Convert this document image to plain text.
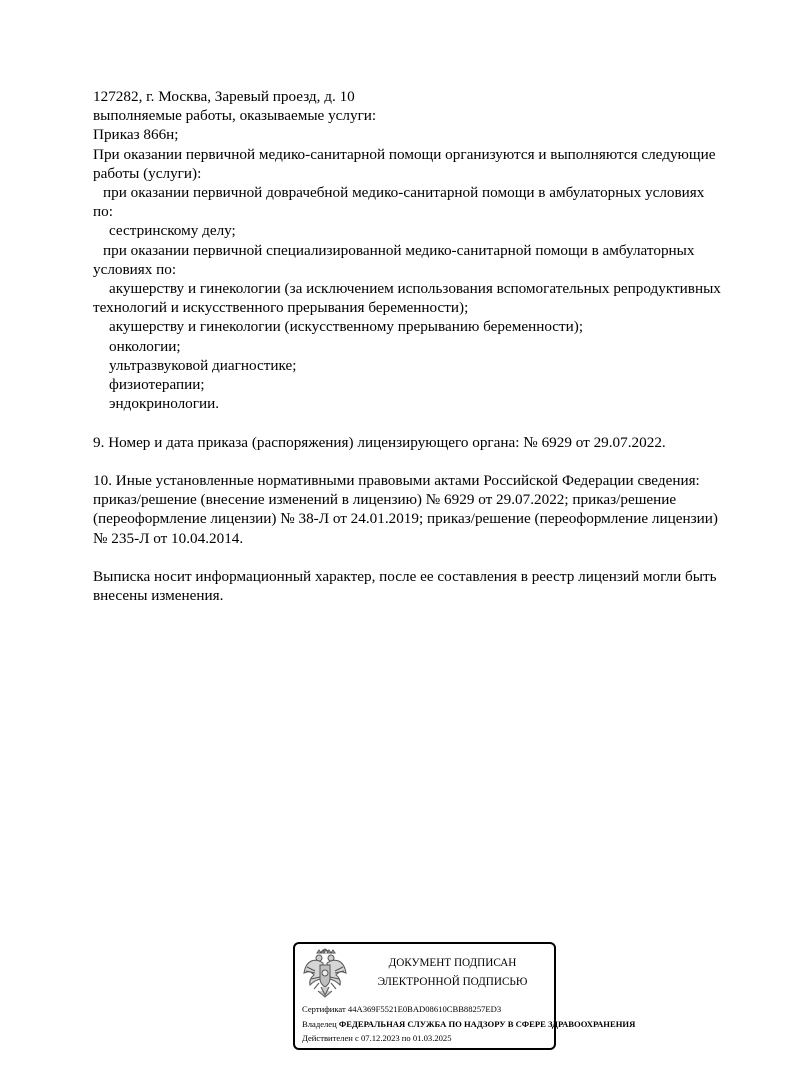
127282, г. Москва, Заревый проезд, д. 10
выполняемые работы, оказываемые услуги:
Приказ 866н;
При оказании первичной медико-санитарной помощи организуются и выполняются следующие
работы (услуги):
при оказании первичной доврачебной медико-санитарной помощи в амбулаторных условиях
по:
сестринскому делу;
при оказании первичной специализированной медико-санитарной помощи в амбулаторных
условиях по:
акушерству и гинекологии (за исключением использования вспомогательных репродуктивных
технологий и искусственного прерывания беременности);
акушерству и гинекологии (искусственному прерыванию беременности);
онкологии;
ультразвуковой диагностике;
физиотерапии;
эндокринологии.
9. Номер и дата приказа (распоряжения) лицензирующего органа: № 6929 от 29.07.2022.
10. Иные установленные нормативными правовыми актами Российской Федерации сведения:
приказ/решение (внесение изменений в лицензию) № 6929 от 29.07.2022; приказ/решение
(переоформление лицензии) № 38-Л от 24.01.2019; приказ/решение (переоформление лицензии)
№ 235-Л от 10.04.2014.
Выписка носит информационный характер, после ее составления в реестр лицензий могли быть
внесены изменения.
ДОКУМЕНТ ПОДПИСАН
ЭЛЕКТРОННОЙ ПОДПИСЬЮ
Сертификат 44A369F5521E0BAD08610CBB88257ED3
Владелец ФЕДЕРАЛЬНАЯ СЛУЖБА ПО НАДЗОРУ В СФЕРЕ ЗДРАВООХРАНЕНИЯ
Действителен с 07.12.2023 по 01.03.2025
